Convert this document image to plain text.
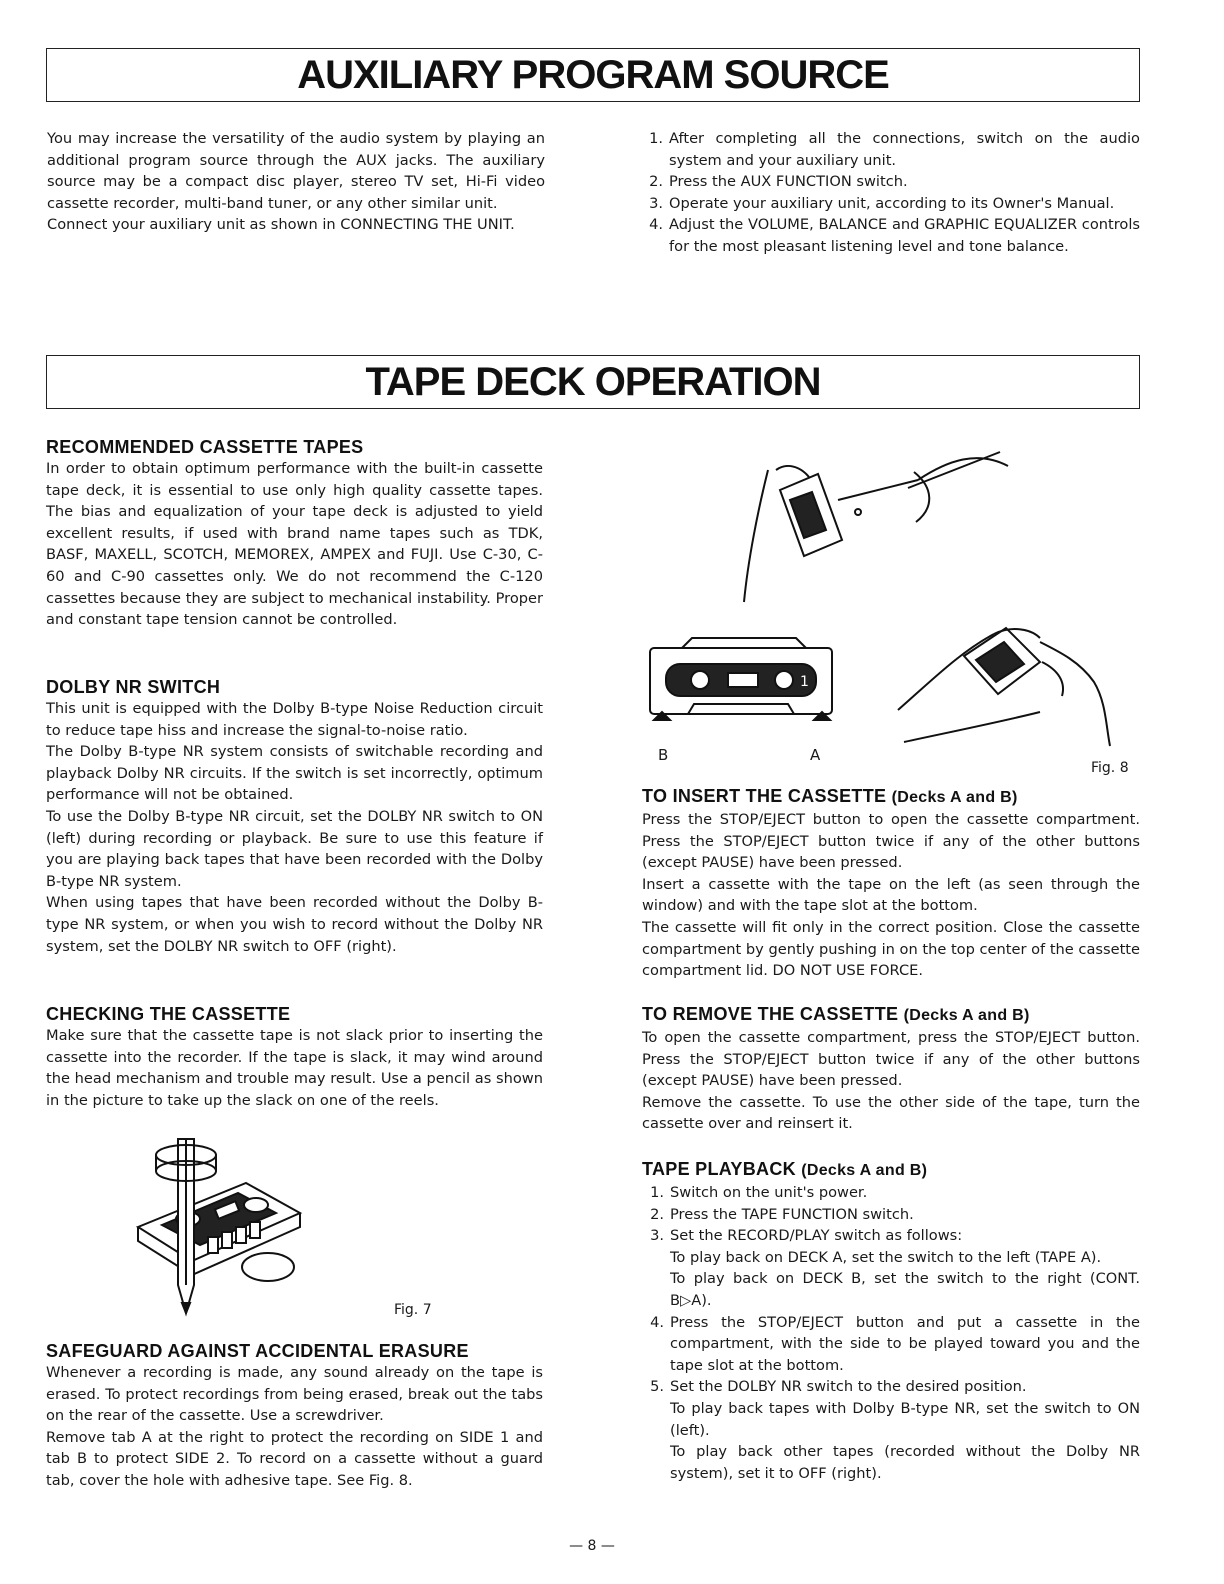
AUXILIARY PROGRAM SOURCE

You may increase the versatility of the audio system by playing an additional program source through the AUX jacks. The auxiliary source may be a compact disc player, stereo TV set, Hi-Fi video cassette recorder, multi-band tuner, or any other similar unit.

Connect your auxiliary unit as shown in CONNECTING THE UNIT.

1. After completing all the connections, switch on the audio system and your auxiliary unit.
2. Press the AUX FUNCTION switch.
3. Operate your auxiliary unit, according to its Owner's Manual.
4. Adjust the VOLUME, BALANCE and GRAPHIC EQUALIZER controls for the most pleasant listening level and tone balance.
TAPE DECK OPERATION
RECOMMENDED CASSETTE TAPES

In order to obtain optimum performance with the built-in cassette tape deck, it is essential to use only high quality cassette tapes. The bias and equalization of your tape deck is adjusted to yield excellent results, if used with brand name tapes such as TDK, BASF, MAXELL, SCOTCH, MEMOREX, AMPEX and FUJI. Use C-30, C-60 and C-90 cassettes only. We do not recommend the C-120 cassettes because they are subject to mechanical instability. Proper and constant tape tension cannot be controlled.

DOLBY NR SWITCH

This unit is equipped with the Dolby B-type Noise Reduction circuit to reduce tape hiss and increase the signal-to-noise ratio.

The Dolby B-type NR system consists of switchable recording and playback Dolby NR circuits. If the switch is set incorrectly, optimum performance will not be obtained.

To use the Dolby B-type NR circuit, set the DOLBY NR switch to ON (left) during recording or playback. Be sure to use this feature if you are playing back tapes that have been recorded with the Dolby B-type NR system.

When using tapes that have been recorded without the Dolby B-type NR system, or when you wish to record without the Dolby NR system, set the DOLBY NR switch to OFF (right).

CHECKING THE CASSETTE

Make sure that the cassette tape is not slack prior to inserting the cassette into the recorder. If the tape is slack, it may wind around the head mechanism and trouble may result. Use a pencil as shown in the picture to take up the slack on one of the reels.

Fig. 7
SAFEGUARD AGAINST ACCIDENTAL ERASURE

Whenever a recording is made, any sound already on the tape is erased. To protect recordings from being erased, break out the tabs on the rear of the cassette. Use a screwdriver.

Remove tab A at the right to protect the recording on SIDE 1 and tab B to protect SIDE 2. To record on a cassette without a guard tab, cover the hole with adhesive tape. See Fig. 8.

1
B	A
Fig. 8
TO INSERT THE CASSETTE (Decks A and B)

Press the STOP/EJECT button to open the cassette compartment. Press the STOP/EJECT button twice if any of the other buttons (except PAUSE) have been pressed.

Insert a cassette with the tape on the left (as seen through the window) and with the tape slot at the bottom.

The cassette will fit only in the correct position. Close the cassette compartment by gently pushing in on the top center of the cassette compartment lid. DO NOT USE FORCE.

TO REMOVE THE CASSETTE (Decks A and B)

To open the cassette compartment, press the STOP/EJECT button. Press the STOP/EJECT button twice if any of the other buttons (except PAUSE) have been pressed.

Remove the cassette. To use the other side of the tape, turn the cassette over and reinsert it.

TAPE PLAYBACK (Decks A and B)
1. Switch on the unit's power.
2. Press the TAPE FUNCTION switch.
3. Set the RECORD/PLAY switch as follows:

To play back on DECK A, set the switch to the left (TAPE A).

To play back on DECK B, set the switch to the right (CONT. B▷A).

4. Press the STOP/EJECT button and put a cassette in the compartment, with the side to be played toward you and the tape slot at the bottom.
5. Set the DOLBY NR switch to the desired position.

To play back tapes with Dolby B-type NR, set the switch to ON (left).

To play back other tapes (recorded without the Dolby NR system), set it to OFF (right).

— 8 —
